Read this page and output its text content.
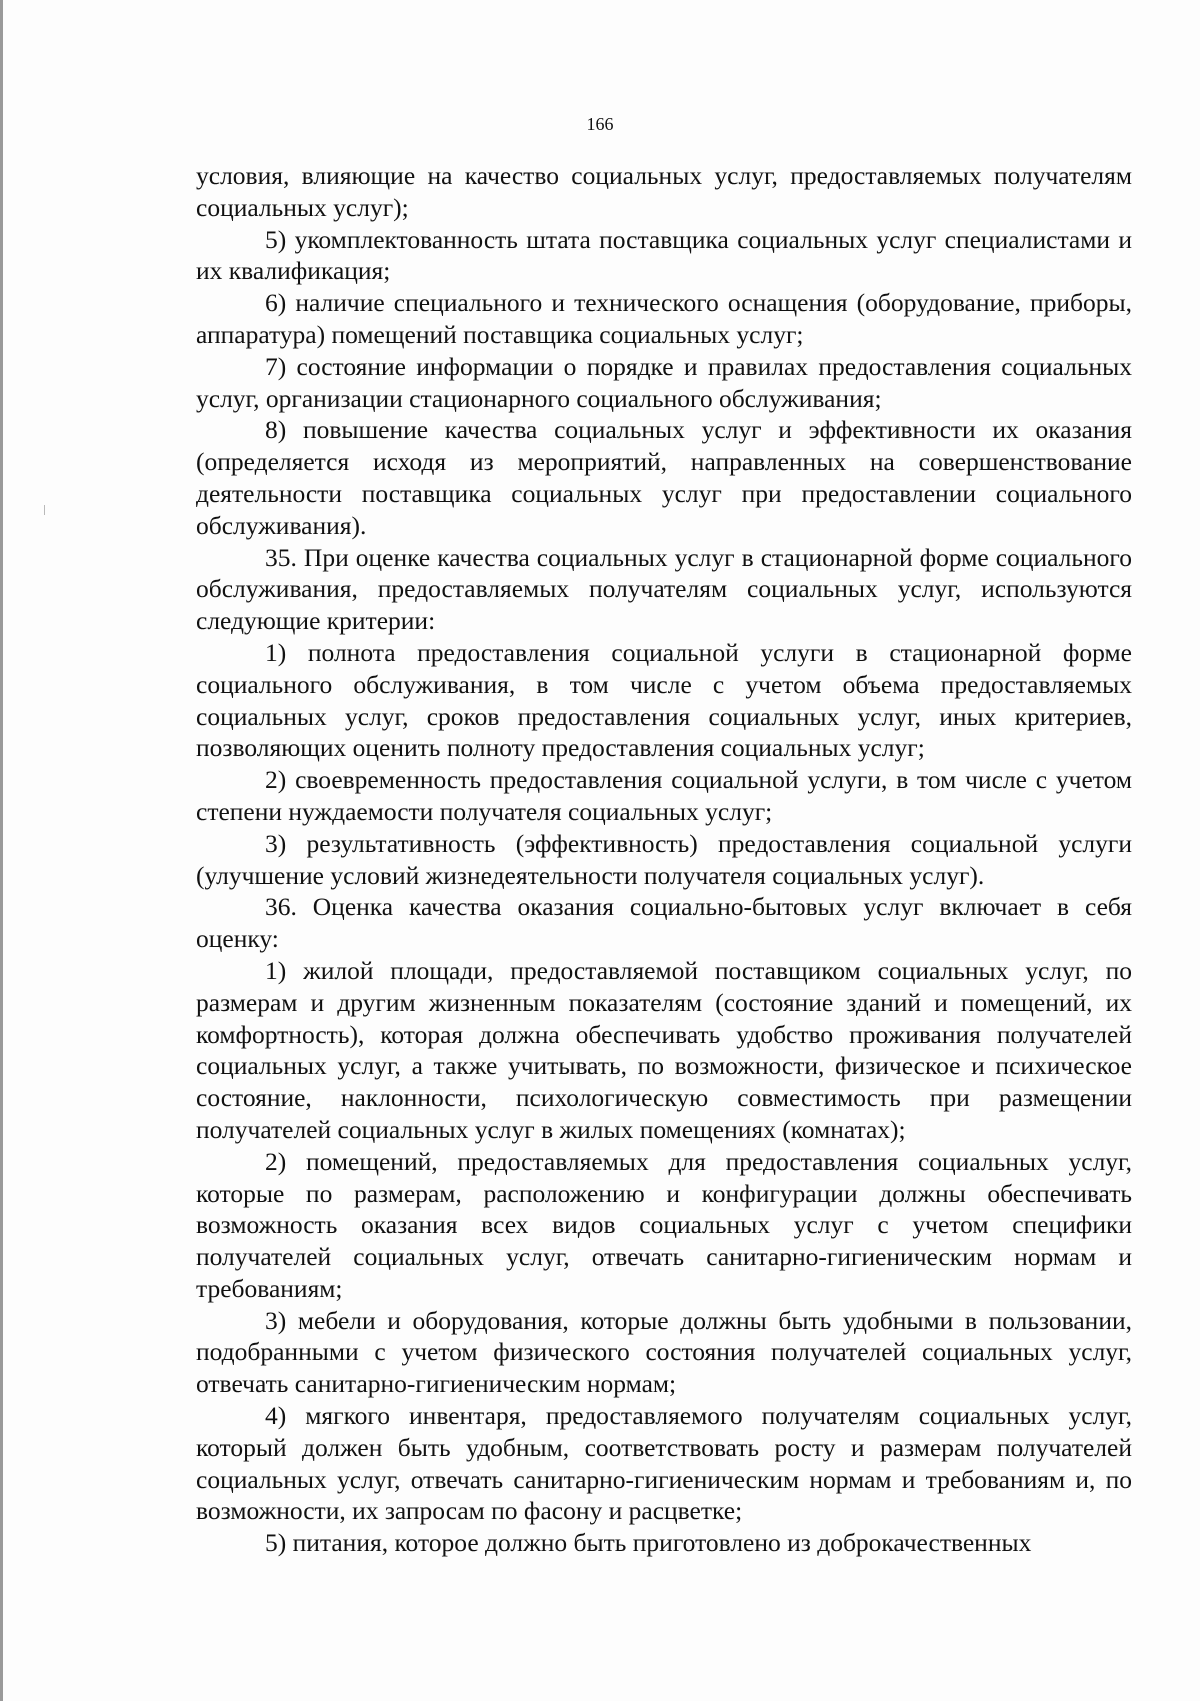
166

условия, влияющие на качество социальных услуг, предоставляемых получателям социальных услуг);

5) укомплектованность штата поставщика социальных услуг специалистами и их квалификация;

6) наличие специального и технического оснащения (оборудование, приборы, аппаратура) помещений поставщика социальных услуг;

7) состояние информации о порядке и правилах предоставления социальных услуг, организации стационарного социального обслуживания;

8) повышение качества социальных услуг и эффективности их оказания (определяется исходя из мероприятий, направленных на совершенствование деятельности поставщика социальных услуг при предоставлении социального обслуживания).

35. При оценке качества социальных услуг в стационарной форме социального обслуживания, предоставляемых получателям социальных услуг, используются следующие критерии:

1) полнота предоставления социальной услуги в стационарной форме социального обслуживания, в том числе с учетом объема предоставляемых социальных услуг, сроков предоставления социальных услуг, иных критериев, позволяющих оценить полноту предоставления социальных услуг;

2) своевременность предоставления социальной услуги, в том числе с учетом степени нуждаемости получателя социальных услуг;

3) результативность (эффективность) предоставления социальной услуги (улучшение условий жизнедеятельности получателя социальных услуг).

36. Оценка качества оказания социально-бытовых услуг включает в себя оценку:

1) жилой площади, предоставляемой поставщиком социальных услуг, по размерам и другим жизненным показателям (состояние зданий и помещений, их комфортность), которая должна обеспечивать удобство проживания получателей социальных услуг, а также учитывать, по возможности, физическое и психическое состояние, наклонности, психологическую совместимость при размещении получателей социальных услуг в жилых помещениях (комнатах);

2) помещений, предоставляемых для предоставления социальных услуг, которые по размерам, расположению и конфигурации должны обеспечивать возможность оказания всех видов социальных услуг с учетом специфики получателей социальных услуг, отвечать санитарно-гигиеническим нормам и требованиям;

3) мебели и оборудования, которые должны быть удобными в пользовании, подобранными с учетом физического состояния получателей социальных услуг, отвечать санитарно-гигиеническим нормам;

4) мягкого инвентаря, предоставляемого получателям социальных услуг, который должен быть удобным, соответствовать росту и размерам получателей социальных услуг, отвечать санитарно-гигиеническим нормам и требованиям и, по возможности, их запросам по фасону и расцветке;

5) питания, которое должно быть приготовлено из доброкачественных
